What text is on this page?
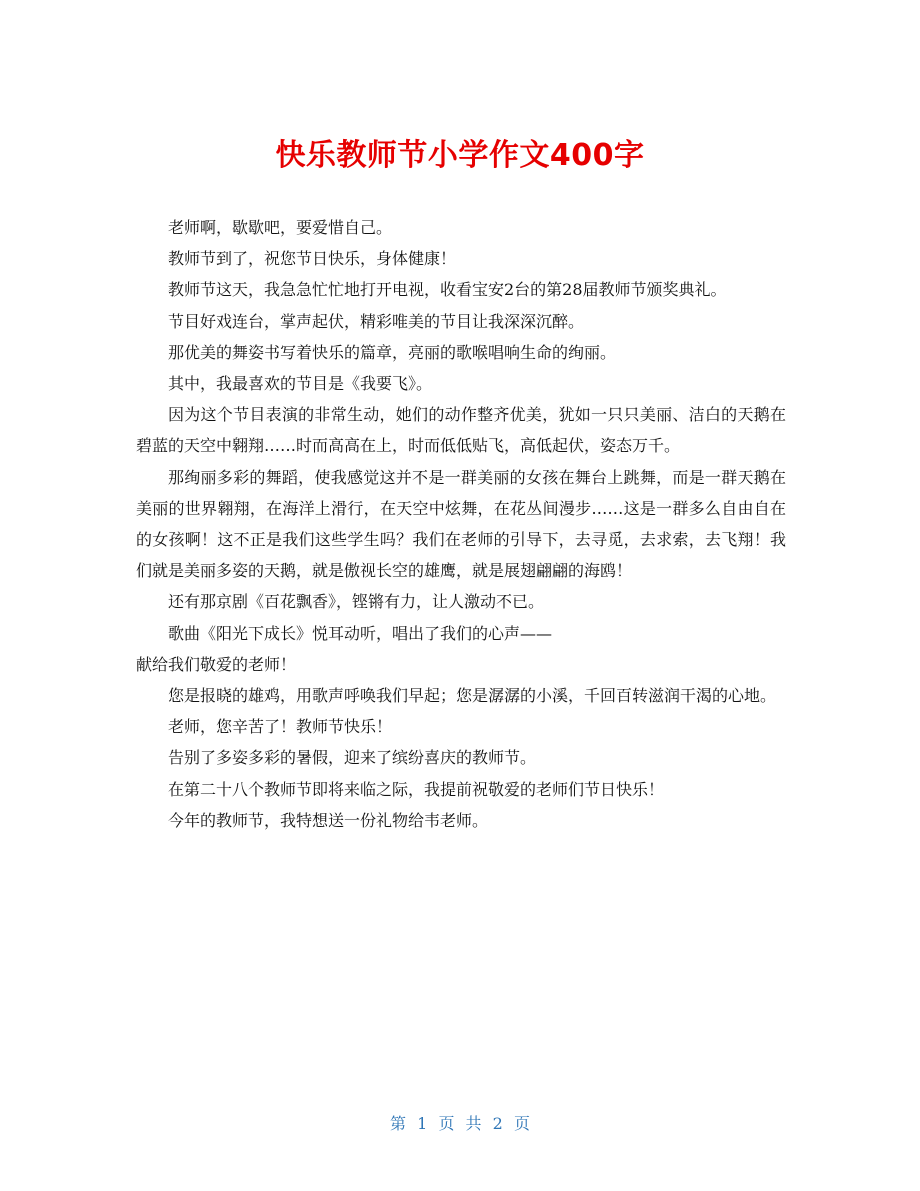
快乐教师节小学作文400字

老师啊，歇歇吧，要爱惜自己。

教师节到了，祝您节日快乐，身体健康！

教师节这天，我急急忙忙地打开电视，收看宝安2台的第28届教师节颁奖典礼。

节目好戏连台，掌声起伏，精彩唯美的节目让我深深沉醉。

那优美的舞姿书写着快乐的篇章，亮丽的歌喉唱响生命的绚丽。

其中，我最喜欢的节目是《我要飞》。

因为这个节目表演的非常生动，她们的动作整齐优美，犹如一只只美丽、洁白的天鹅在碧蓝的天空中翱翔……时而高高在上，时而低低贴飞，高低起伏，姿态万千。

那绚丽多彩的舞蹈，使我感觉这并不是一群美丽的女孩在舞台上跳舞，而是一群天鹅在美丽的世界翱翔，在海洋上滑行，在天空中炫舞，在花丛间漫步……这是一群多么自由自在的女孩啊！这不正是我们这些学生吗？我们在老师的引导下，去寻觅，去求索，去飞翔！我们就是美丽多姿的天鹅，就是傲视长空的雄鹰，就是展翅翩翩的海鸥！

还有那京剧《百花飘香》，铿锵有力，让人激动不已。

歌曲《阳光下成长》悦耳动听，唱出了我们的心声——

献给我们敬爱的老师！

您是报晓的雄鸡，用歌声呼唤我们早起；您是潺潺的小溪，千回百转滋润干渴的心地。

老师，您辛苦了！教师节快乐！

告别了多姿多彩的暑假，迎来了缤纷喜庆的教师节。

在第二十八个教师节即将来临之际，我提前祝敬爱的老师们节日快乐！

今年的教师节，我特想送一份礼物给韦老师。

第 1 页 共 2 页
